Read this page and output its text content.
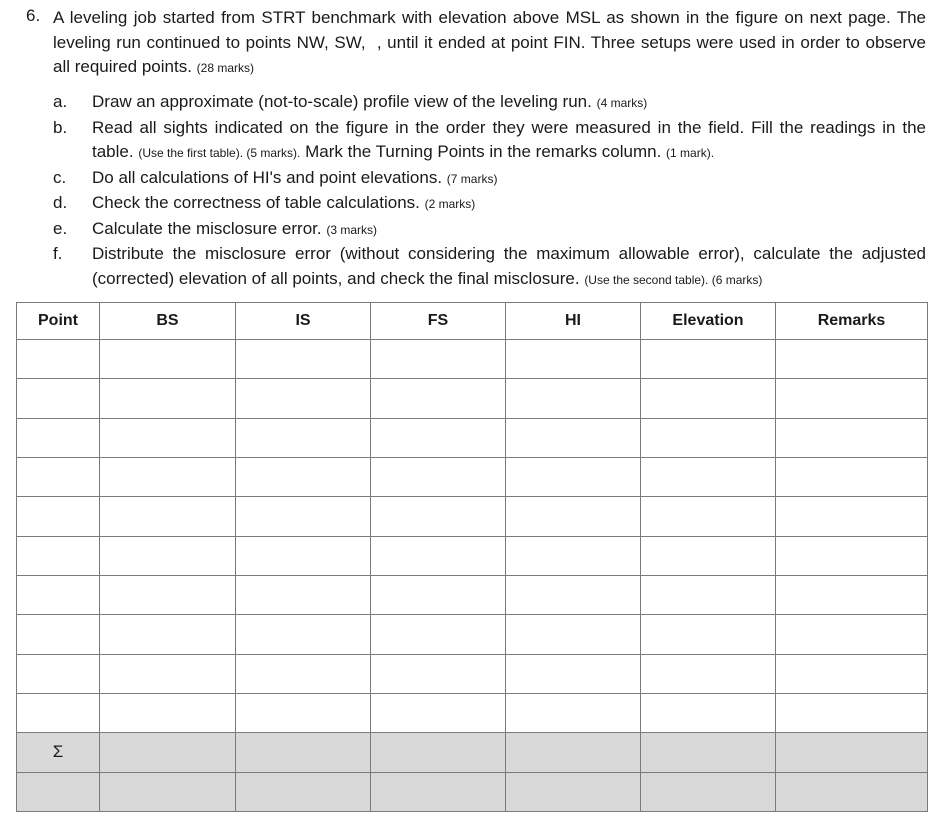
6. A leveling job started from STRT benchmark with elevation above MSL as shown in the figure on next page. The leveling run continued to points NW, SW,  , until it ended at point FIN. Three setups were used in order to observe all required points. (28 marks)
a.	Draw an approximate (not-to-scale) profile view of the leveling run. (4 marks)
b.	Read all sights indicated on the figure in the order they were measured in the field. Fill the readings in the table. (Use the first table). (5 marks). Mark the Turning Points in the remarks column. (1 mark).
c.	Do all calculations of HI's and point elevations. (7 marks)
d.	Check the correctness of table calculations. (2 marks)
e.	Calculate the misclosure error. (3 marks)
f.	Distribute the misclosure error (without considering the maximum allowable error), calculate the adjusted (corrected) elevation of all points, and check the final misclosure. (Use the second table). (6 marks)
Point	BS	IS	FS	HI	Elevation	Remarks

Σ						
